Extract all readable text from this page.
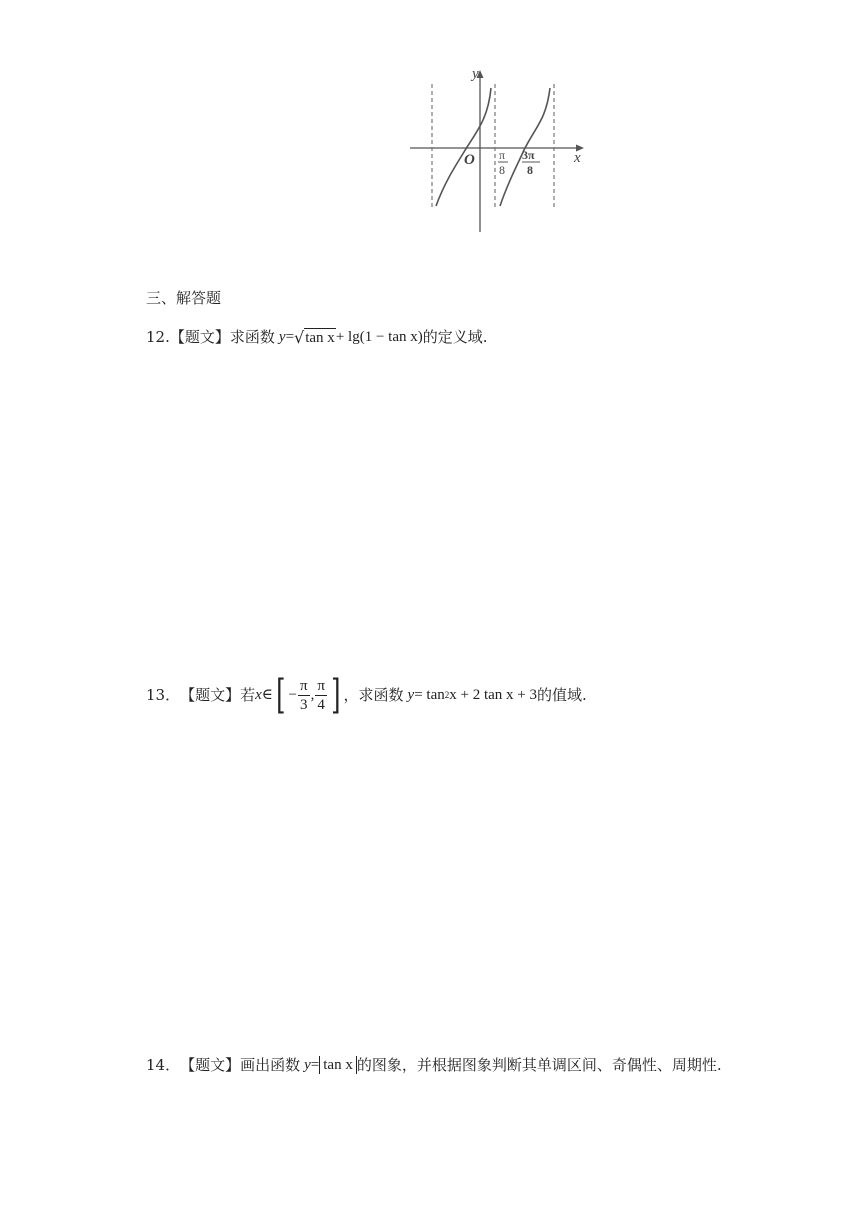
y
x
O π
8
3π
8
三、解答题
12. 【题文】 求函数 y = √ tan x + lg (1 − tan x) 的定义域.
13． 【题文】 若 x ∈ [ − $\frac{\pi}{3}$ , $\frac{\pi}{4}$ ] ，求函数 y = tan 2 x + 2 tan x + 3 的值域.
14． 【题文】 画出函数 y = tan x 的图象，并根据图象判断其单调区间、奇偶性、周期性.
